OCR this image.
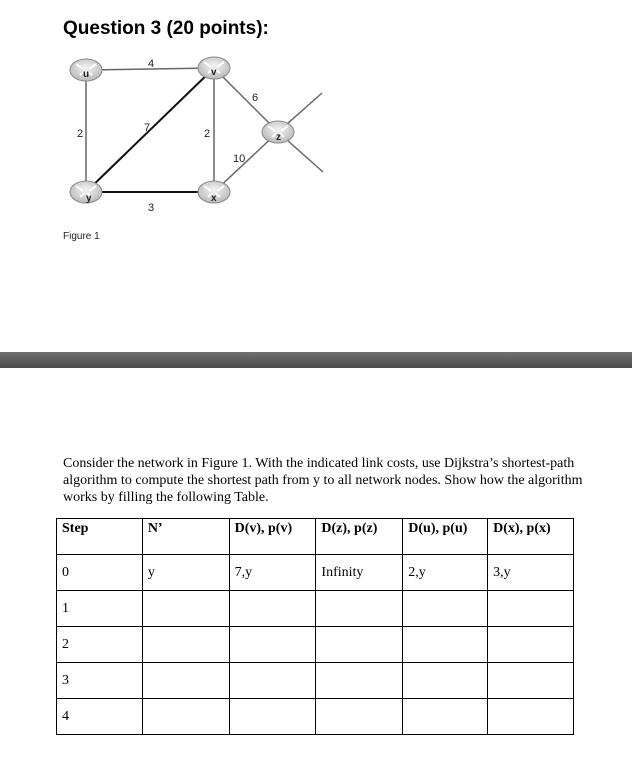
Question 3 (20 points):
4
2	7	2
3
6
10
u	v
y	x
z
Figure 1
Consider the network in Figure 1. With the indicated link costs, use Dijkstra’s shortest-path algorithm to compute the shortest path from y to all network nodes. Show how the algorithm works by filling the following Table.
Step	N’	D(v), p(v)	D(z), p(z)	D(u), p(u)	D(x), p(x)
0	y	7,y	Infinity	2,y	3,y
1					
2					
3					
4					
